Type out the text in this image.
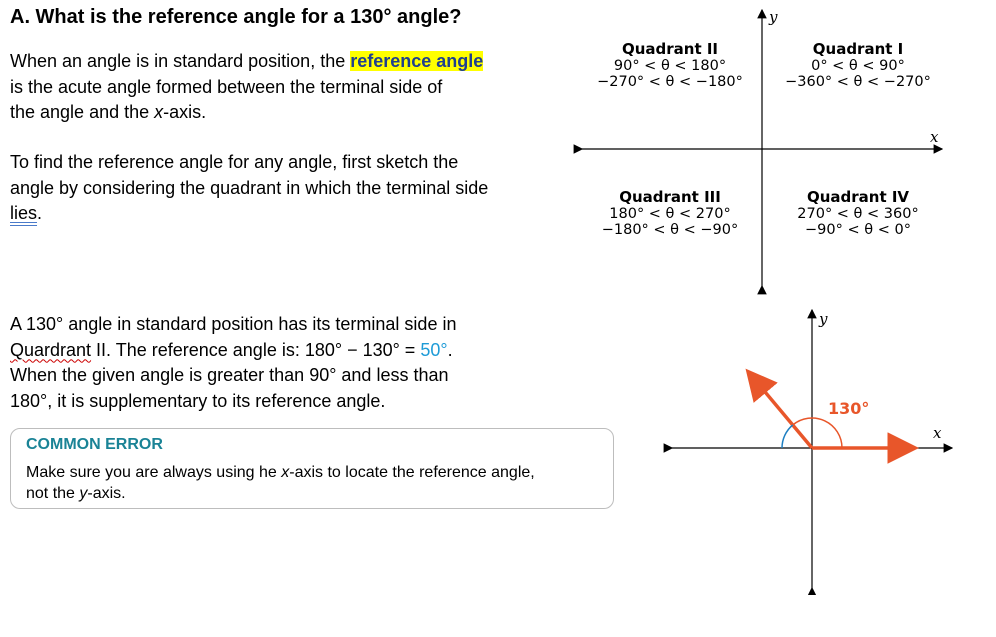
A. What is the reference angle for a 130° angle?
When an angle is in standard position, the reference angle
is the acute angle formed between the terminal side of
the angle and the x-axis.
To find the reference angle for any angle, first sketch the
angle by considering the quadrant in which the terminal side
lies.
A 130° angle in standard position has its terminal side in
Quardrant II. The reference angle is: 180° − 130° = 50°.
When the given angle is greater than 90° and less than
180°, it is supplementary to its reference angle.
COMMON ERROR
Make sure you are always using he x-axis to locate the reference angle,
not the y-axis.
y
x
Quadrant II
90° < θ < 180°
−270° < θ < −180°
Quadrant I
0° < θ < 90°
−360° < θ < −270°
Quadrant III
180° < θ < 270°
−180° < θ < −90°
Quadrant IV
270° < θ < 360°
−90° < θ < 0°
y
x
130°
